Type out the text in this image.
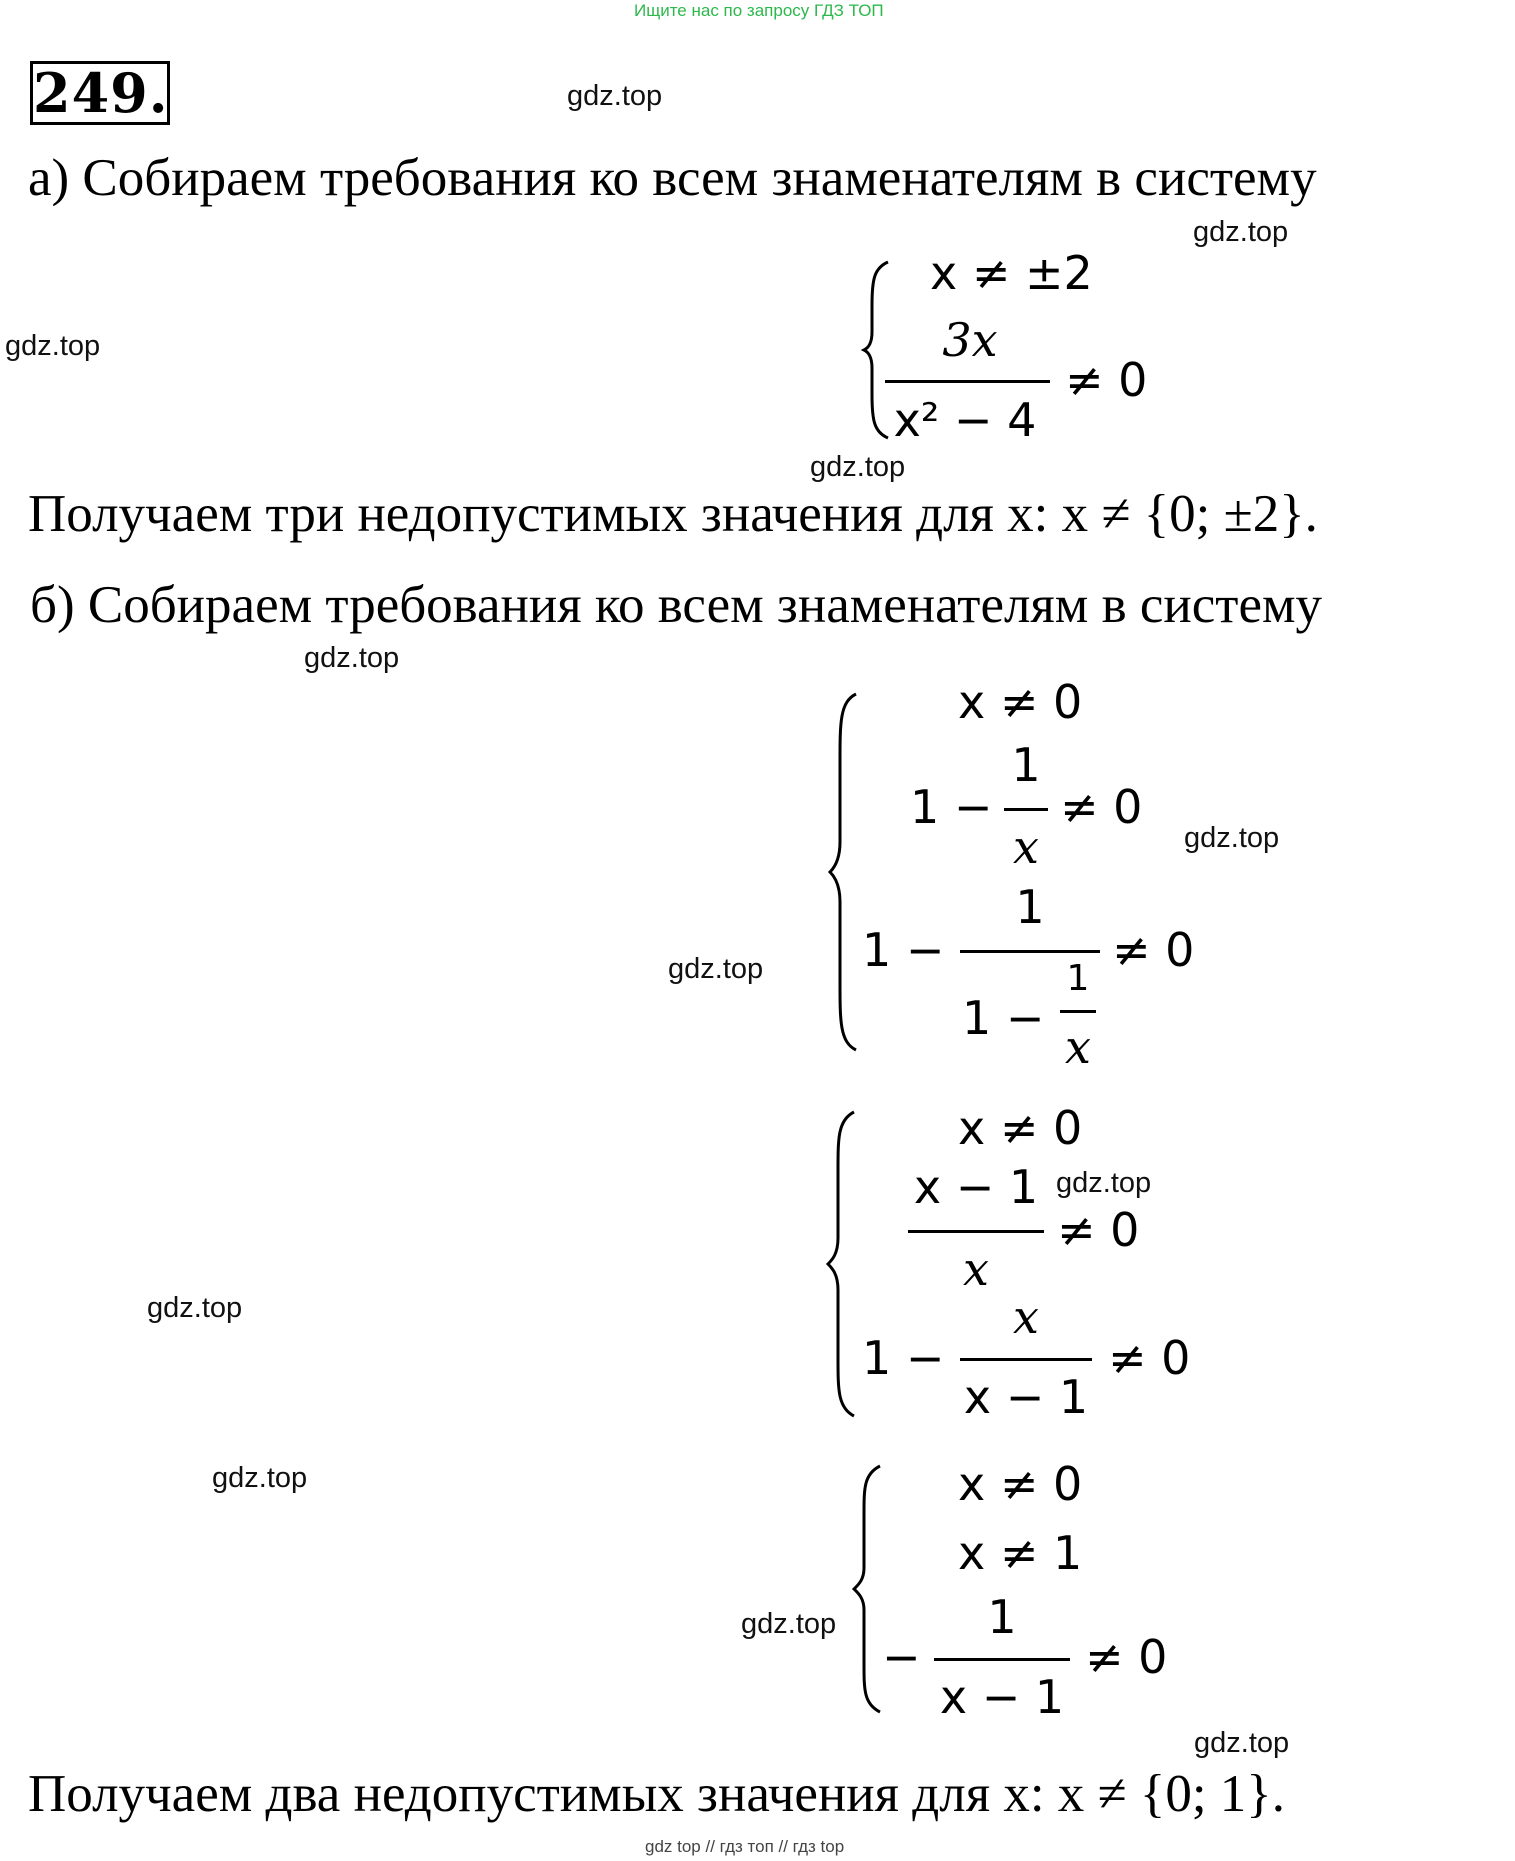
Ищите нас по запросу ГДЗ ТОП
249.	gdz.top
gdz.top
gdz.top
gdz.top
gdz.top
gdz.top
gdz.top
gdz.top
gdz.top
gdz.top
gdz.top
gdz.top
а) Собираем требования ко всем знаменателям в систему
x ≠ ±2
3x
x² − 4
≠ 0
Получаем три недопустимых значения для x: x ≠ {0; ±2}.
б) Собираем требования ко всем знаменателям в систему
x ≠ 0
1 −
1
x
≠ 0
1 −
1
1 −
1
x
≠ 0
x ≠ 0
x − 1
x
≠ 0
1 −
x
x − 1
≠ 0
x ≠ 0
x ≠ 1
−
1
x − 1
≠ 0
Получаем два недопустимых значения для x: x ≠ {0; 1}.
gdz top // гдз топ // гдз top
